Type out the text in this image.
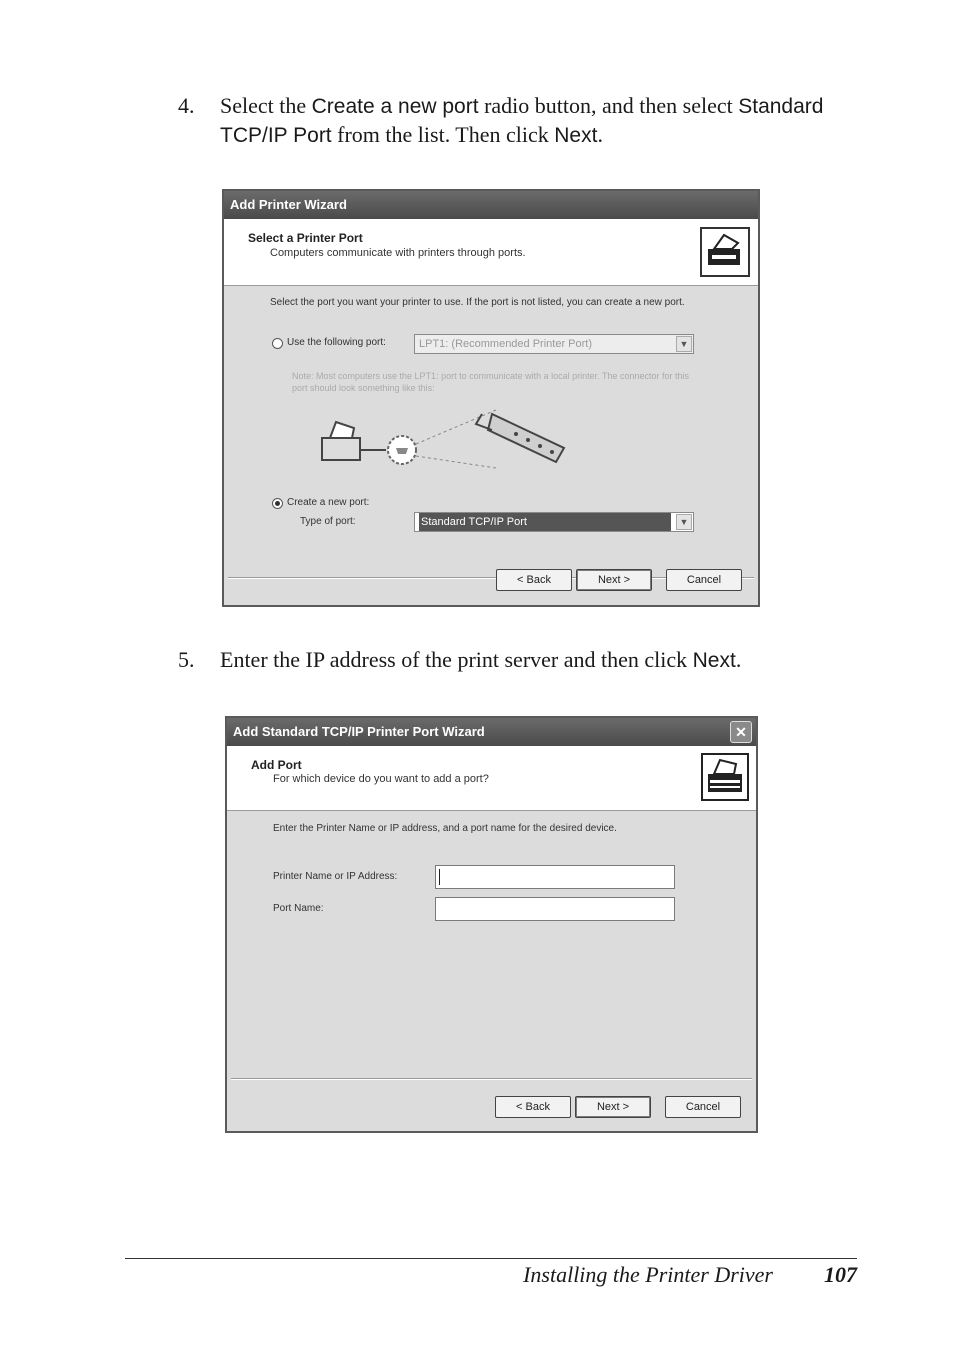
4. Select the Create a new port radio button, and then select Standard TCP/IP Port from the list. Then click Next.
Add Printer Wizard
Select a Printer Port
Computers communicate with printers through ports.
Select the port you want your printer to use. If the port is not listed, you can create a new port.
Use the following port:	LPT1: (Recommended Printer Port)	▼
Note: Most computers use the LPT1: port to communicate with a local printer. The connector for this port should look something like this:
Create a new port:
Type of port:	Standard TCP/IP Port	▼
< Back	Next >	Cancel
5. Enter the IP address of the print server and then click Next.
Add Standard TCP/IP Printer Port Wizard	✕
Add Port
For which device do you want to add a port?
Enter the Printer Name or IP address, and a port name for the desired device.
Printer Name or IP Address:
Port Name:
< Back	Next >	Cancel
Installing the Printer Driver 107
